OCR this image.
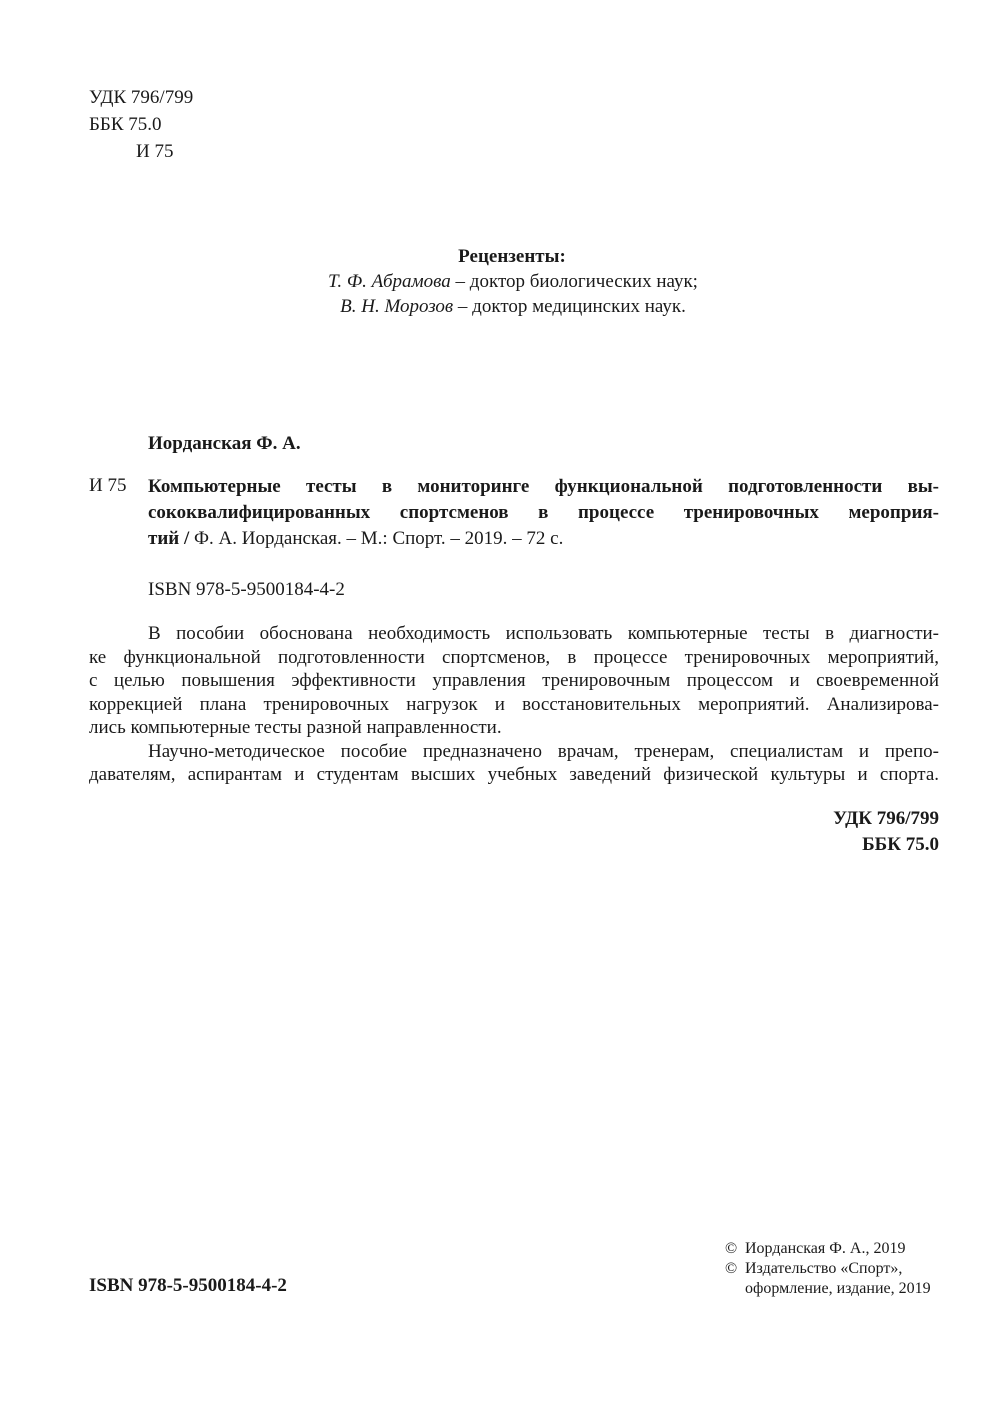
УДК 796/799
ББК 75.0
И 75
Рецензенты:
Т. Ф. Абрамова – доктор биологических наук;
В. Н. Морозов – доктор медицинских наук.
Иорданская Ф. А.
И 75 Компьютерные тесты в мониторинге функциональной подготовленности вы-
сококвалифицированных спортсменов в процессе тренировочных мероприя-
тий / Ф. А. Иорданская. – М.: Спорт. – 2019. – 72 с.
ISBN 978-5-9500184-4-2
В пособии обоснована необходимость использовать компьютерные тесты в диагности-
ке функциональной подготовленности спортсменов, в процессе тренировочных мероприятий,
с целью повышения эффективности управления тренировочным процессом и своевременной
коррекцией плана тренировочных нагрузок и восстановительных мероприятий. Анализирова-
лись компьютерные тесты разной направленности.
Научно-методическое пособие предназначено врачам, тренерам, специалистам и препо-
давателям, аспирантам и студентам высших учебных заведений физической культуры и спорта.
УДК 796/799
ББК 75.0
ISBN 978-5-9500184-4-2
© Иорданская Ф. А., 2019
© Издательство «Спорт»,
оформление, издание, 2019
